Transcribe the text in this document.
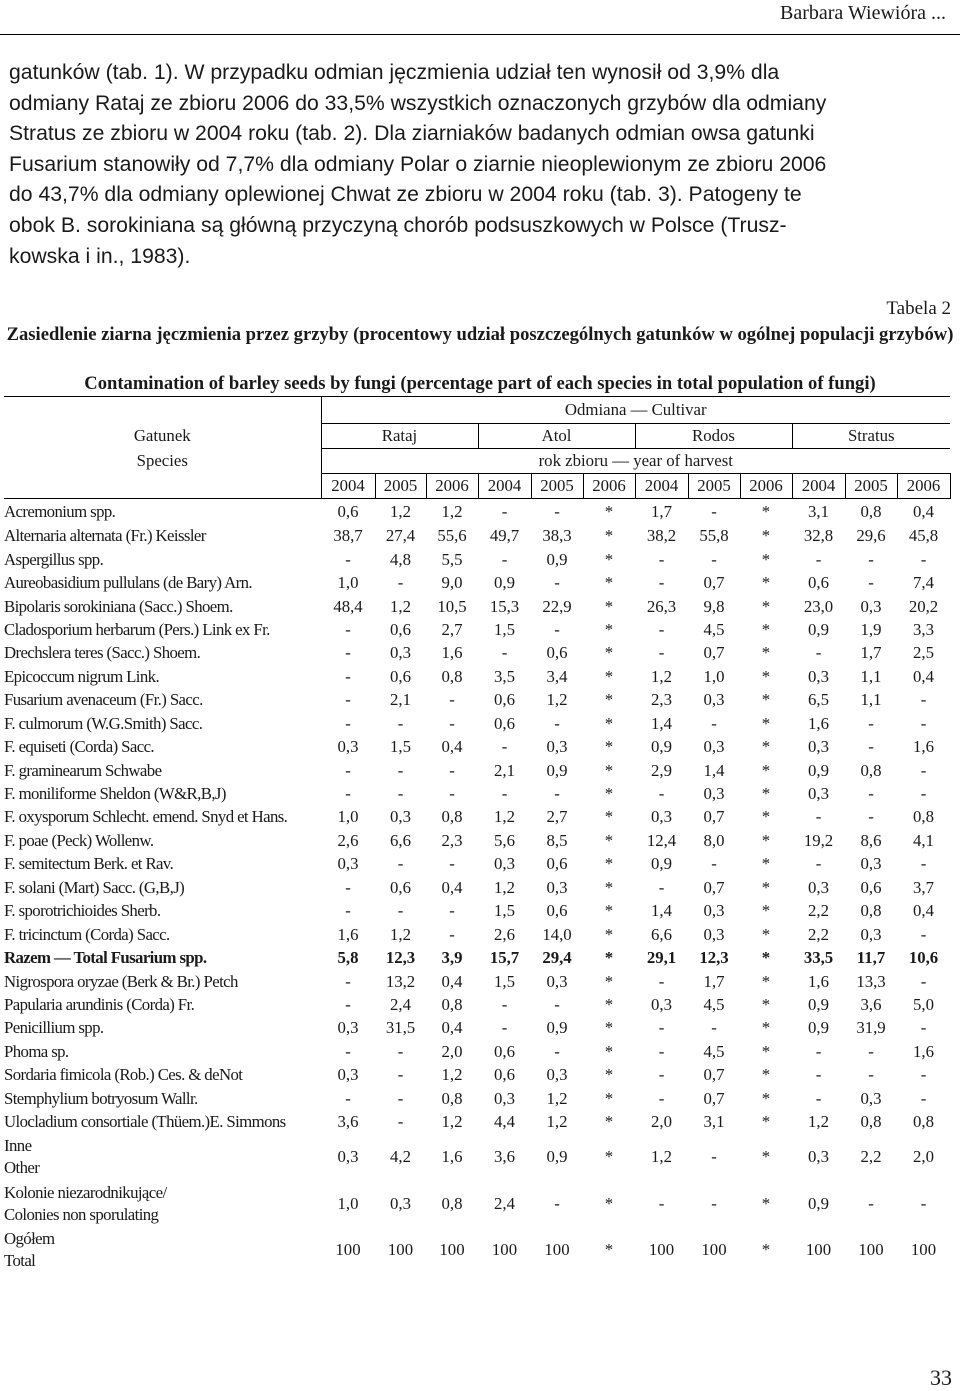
Barbara Wiewióra ...
gatunków (tab. 1). W przypadku odmian jęczmienia udział ten wynosił od 3,9% dla
odmiany Rataj ze zbioru 2006 do 33,5% wszystkich oznaczonych grzybów dla odmiany
Stratus ze zbioru w 2004 roku (tab. 2). Dla ziarniaków badanych odmian owsa gatunki
Fusarium stanowiły od 7,7% dla odmiany Polar o ziarnie nieoplewionym ze zbioru 2006
do 43,7% dla odmiany oplewionej Chwat ze zbioru w 2004 roku (tab. 3). Patogeny te
obok B. sorokiniana są główną przyczyną chorób podsuszkowych w Polsce (Trusz-
kowska i in., 1983).
Tabela 2
Zasiedlenie ziarna jęczmienia przez grzyby (procentowy udział poszczególnych gatunków w ogólnej populacji grzybów)
Contamination of barley seeds by fungi (percentage part of each species in total population of fungi)
	Odmiana — Cultivar											
Gatunek	Rataj			Atol			Rodos			Stratus		
Species	rok zbioru — year of harvest											
	2004	2005	2006	2004	2005	2006	2004	2005	2006	2004	2005	2006
Acremonium spp.	0,6	1,2	1,2	-	-	*	1,7	-	*	3,1	0,8	0,4
Alternaria alternata (Fr.) Keissler	38,7	27,4	55,6	49,7	38,3	*	38,2	55,8	*	32,8	29,6	45,8
Aspergillus spp.	-	4,8	5,5	-	0,9	*	-	-	*	-	-	-
Aureobasidium pullulans (de Bary) Arn.	1,0	-	9,0	0,9	-	*	-	0,7	*	0,6	-	7,4
Bipolaris sorokiniana (Sacc.) Shoem.	48,4	1,2	10,5	15,3	22,9	*	26,3	9,8	*	23,0	0,3	20,2
Cladosporium herbarum (Pers.) Link ex Fr.	-	0,6	2,7	1,5	-	*	-	4,5	*	0,9	1,9	3,3
Drechslera teres (Sacc.) Shoem.	-	0,3	1,6	-	0,6	*	-	0,7	*	-	1,7	2,5
Epicoccum nigrum Link.	-	0,6	0,8	3,5	3,4	*	1,2	1,0	*	0,3	1,1	0,4
Fusarium avenaceum (Fr.) Sacc.	-	2,1	-	0,6	1,2	*	2,3	0,3	*	6,5	1,1	-
F. culmorum (W.G.Smith) Sacc.	-	-	-	0,6	-	*	1,4	-	*	1,6	-	-
F. equiseti (Corda) Sacc.	0,3	1,5	0,4	-	0,3	*	0,9	0,3	*	0,3	-	1,6
F. graminearum Schwabe	-	-	-	2,1	0,9	*	2,9	1,4	*	0,9	0,8	-
F. moniliforme Sheldon (W&R,B,J)	-	-	-	-	-	*	-	0,3	*	0,3	-	-
F. oxysporum Schlecht. emend. Snyd et Hans.	1,0	0,3	0,8	1,2	2,7	*	0,3	0,7	*	-	-	0,8
F. poae (Peck) Wollenw.	2,6	6,6	2,3	5,6	8,5	*	12,4	8,0	*	19,2	8,6	4,1
F. semitectum Berk. et Rav.	0,3	-	-	0,3	0,6	*	0,9	-	*	-	0,3	-
F. solani (Mart) Sacc. (G,B,J)	-	0,6	0,4	1,2	0,3	*	-	0,7	*	0,3	0,6	3,7
F. sporotrichioides Sherb.	-	-	-	1,5	0,6	*	1,4	0,3	*	2,2	0,8	0,4
F. tricinctum (Corda) Sacc.	1,6	1,2	-	2,6	14,0	*	6,6	0,3	*	2,2	0,3	-
Razem — Total Fusarium spp.	5,8	12,3	3,9	15,7	29,4	*	29,1	12,3	*	33,5	11,7	10,6
Nigrospora oryzae (Berk & Br.) Petch	-	13,2	0,4	1,5	0,3	*	-	1,7	*	1,6	13,3	-
Papularia arundinis (Corda) Fr.	-	2,4	0,8	-	-	*	0,3	4,5	*	0,9	3,6	5,0
Penicillium spp.	0,3	31,5	0,4	-	0,9	*	-	-	*	0,9	31,9	-
Phoma sp.	-	-	2,0	0,6	-	*	-	4,5	*	-	-	1,6
Sordaria fimicola (Rob.) Ces. & deNot	0,3	-	1,2	0,6	0,3	*	-	0,7	*	-	-	-
Stemphylium botryosum Wallr.	-	-	0,8	0,3	1,2	*	-	0,7	*	-	0,3	-
Ulocladium consortiale (Thüem.)E. Simmons	3,6	-	1,2	4,4	1,2	*	2,0	3,1	*	1,2	0,8	0,8

Inne
Other	0,3	4,2	1,6	3,6	0,9	*	1,2	-	*	0,3	2,2	2,0

Kolonie niezarodnikujące/
Colonies non sporulating	1,0	0,3	0,8	2,4	-	*	-	-	*	0,9	-	-

Ogółem
Total	100	100	100	100	100	*	100	100	*	100	100	100
33
